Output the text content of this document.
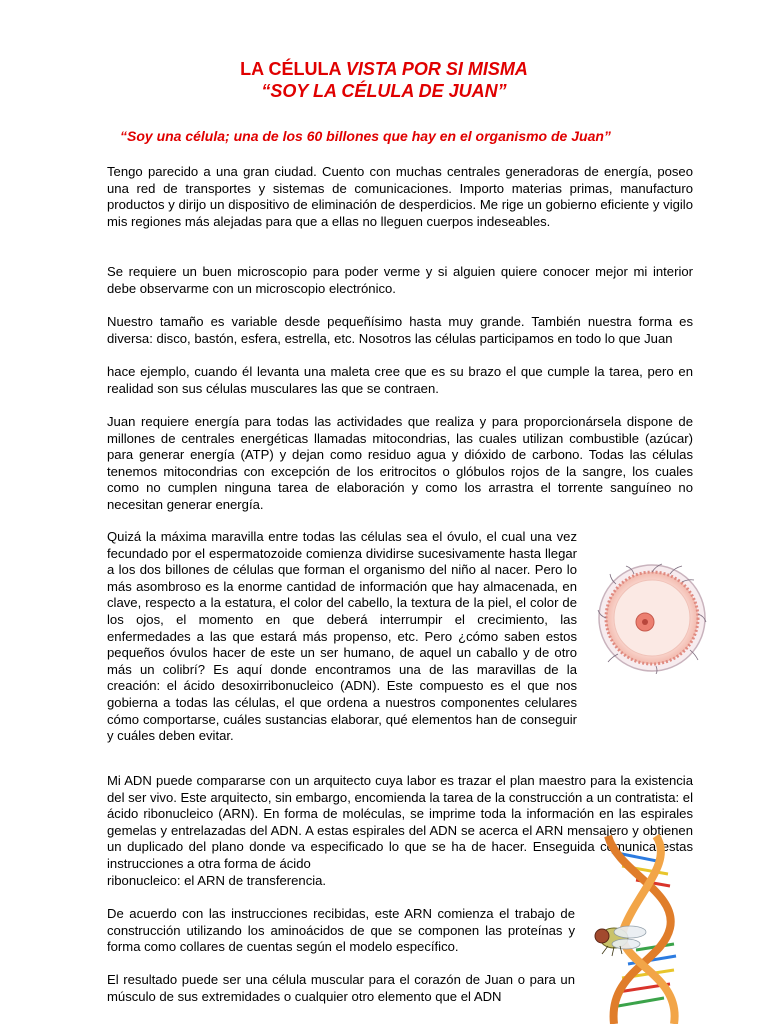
LA CÉLULA VISTA POR SI MISMA
“SOY LA CÉLULA DE JUAN”
“Soy una célula; una de los 60 billones que hay en el organismo de Juan”

Tengo parecido a una gran ciudad. Cuento con muchas centrales generadoras de energía, poseo una red de transportes y sistemas de comunicaciones. Importo materias primas, manufacturo productos y dirijo un dispositivo de eliminación de desperdicios. Me rige un gobierno eficiente y vigilo mis regiones más alejadas para que a ellas no lleguen cuerpos indeseables.

Se requiere un buen microscopio para poder verme y si alguien quiere conocer mejor mi interior debe observarme con un microscopio electrónico.

Nuestro tamaño es variable desde pequeñísimo hasta muy grande. También nuestra forma es diversa: disco, bastón, esfera, estrella, etc. Nosotros las células participamos en todo lo que Juan

hace ejemplo, cuando él levanta una maleta cree que es su brazo el que cumple la tarea, pero en realidad son sus células musculares las que se contraen.

Juan requiere energía para todas las actividades que realiza y para proporcionársela dispone de millones de centrales energéticas llamadas mitocondrias, las cuales utilizan combustible (azúcar) para generar energía (ATP) y dejan como residuo agua y dióxido de carbono. Todas las células tenemos mitocondrias con excepción de los eritrocitos o glóbulos rojos de la sangre, los cuales como no cumplen ninguna tarea de elaboración y como los arrastra el torrente sanguíneo no necesitan generar energía.

Quizá la máxima maravilla entre todas las células sea el óvulo, el cual una vez fecundado por el espermatozoide comienza dividirse sucesivamente hasta llegar a los dos billones de células que forman el organismo del niño al nacer. Pero lo más asombroso es la enorme cantidad de información que hay almacenada, en clave, respecto a la estatura, el color del cabello, la textura de la piel, el color de los ojos, el momento en que deberá interrumpir el crecimiento, las enfermedades a las que estará más propenso, etc. Pero ¿cómo saben estos pequeños óvulos hacer de este un ser humano, de aquel un caballo y de otro más un colibrí? Es aquí donde encontramos una de las maravillas de la creación: el ácido desoxirribonucleico (ADN). Este compuesto es el que nos gobierna a todas las células, el que ordena a nuestros componentes celulares cómo comportarse, cuáles sustancias elaborar, qué elementos han de conseguir y cuáles deben evitar.

Mi ADN puede compararse con un arquitecto cuya labor es trazar el plan maestro para la existencia del ser vivo. Este arquitecto, sin embargo, encomienda la tarea de la construcción a un contratista: el ácido ribonucleico (ARN). En forma de moléculas, se imprime toda la información en las espirales gemelas y entrelazadas del ADN. A estas espirales del ADN se acerca el ARN mensajero y obtienen un duplicado del plano donde va especificado lo que se ha de hacer. Enseguida comunica estas instrucciones a otra forma de ácido

ribonucleico: el ARN de transferencia.

De acuerdo con las instrucciones recibidas, este ARN comienza el trabajo de construcción utilizando los aminoácidos de que se componen las proteínas y forma como collares de cuentas según el modelo específico.

El resultado puede ser una célula muscular para el corazón de Juan o para un músculo de sus extremidades o cualquier otro elemento que el ADN
